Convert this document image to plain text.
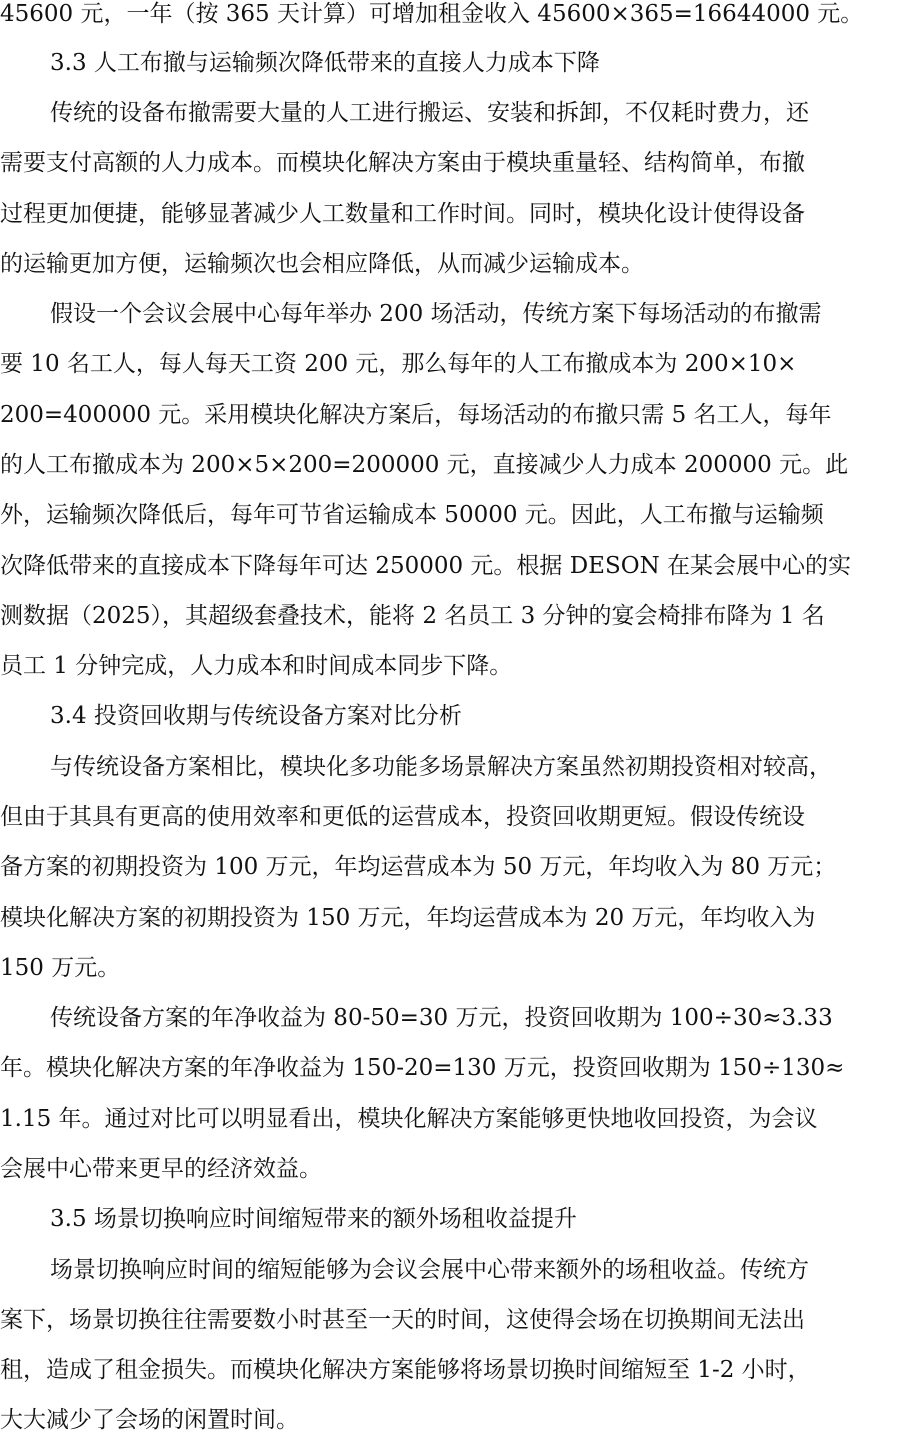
45600 元，一年（按 365 天计算）可增加租金收入 45600×365=16644000 元。
3.3 人工布撤与运输频次降低带来的直接人力成本下降
传统的设备布撤需要大量的人工进行搬运、安装和拆卸，不仅耗时费力，还
需要支付高额的人力成本。而模块化解决方案由于模块重量轻、结构简单，布撤
过程更加便捷，能够显著减少人工数量和工作时间。同时，模块化设计使得设备
的运输更加方便，运输频次也会相应降低，从而减少运输成本。
假设一个会议会展中心每年举办 200 场活动，传统方案下每场活动的布撤需
要 10 名工人，每人每天工资 200 元，那么每年的人工布撤成本为 200×10×
200=400000 元。采用模块化解决方案后，每场活动的布撤只需 5 名工人，每年
的人工布撤成本为 200×5×200=200000 元，直接减少人力成本 200000 元。此
外，运输频次降低后，每年可节省运输成本 50000 元。因此，人工布撤与运输频
次降低带来的直接成本下降每年可达 250000 元。根据 DESON 在某会展中心的实
测数据（2025），其超级套叠技术，能将 2 名员工 3 分钟的宴会椅排布降为 1 名
员工 1 分钟完成，人力成本和时间成本同步下降。
3.4 投资回收期与传统设备方案对比分析
与传统设备方案相比，模块化多功能多场景解决方案虽然初期投资相对较高，
但由于其具有更高的使用效率和更低的运营成本，投资回收期更短。假设传统设
备方案的初期投资为 100 万元，年均运营成本为 50 万元，年均收入为 80 万元；
模块化解决方案的初期投资为 150 万元，年均运营成本为 20 万元，年均收入为
150 万元。
传统设备方案的年净收益为 80-50=30 万元，投资回收期为 100÷30≈3.33
年。模块化解决方案的年净收益为 150-20=130 万元，投资回收期为 150÷130≈
1.15 年。通过对比可以明显看出，模块化解决方案能够更快地收回投资，为会议
会展中心带来更早的经济效益。
3.5 场景切换响应时间缩短带来的额外场租收益提升
场景切换响应时间的缩短能够为会议会展中心带来额外的场租收益。传统方
案下，场景切换往往需要数小时甚至一天的时间，这使得会场在切换期间无法出
租，造成了租金损失。而模块化解决方案能够将场景切换时间缩短至 1-2 小时，
大大减少了会场的闲置时间。
